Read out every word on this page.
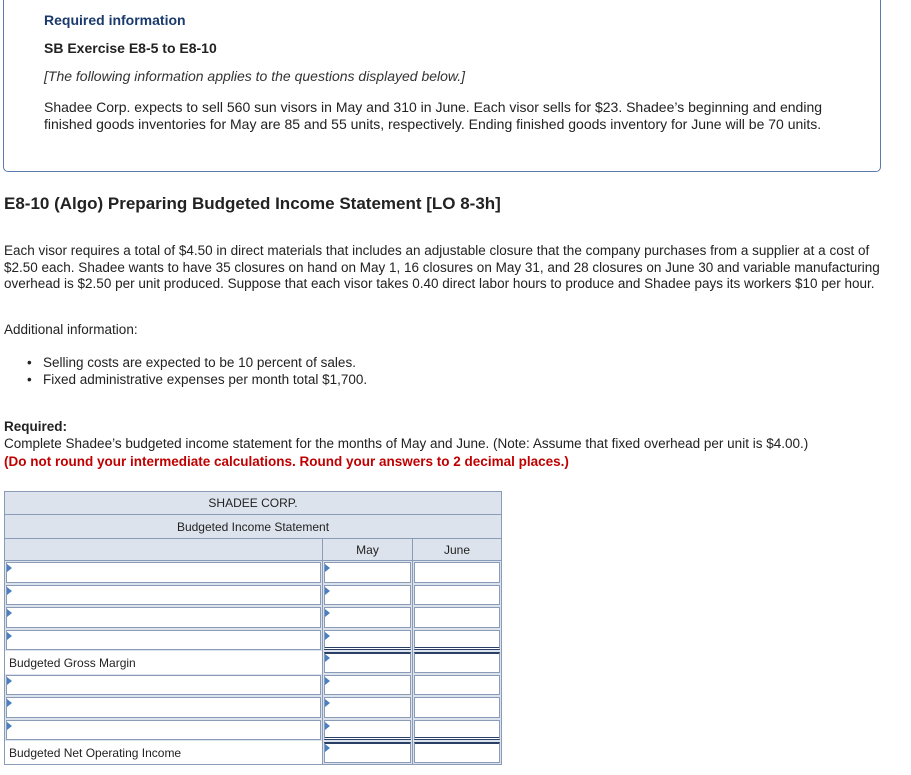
Required information
SB Exercise E8-5 to E8-10
[The following information applies to the questions displayed below.]
Shadee Corp. expects to sell 560 sun visors in May and 310 in June. Each visor sells for $23. Shadee’s beginning and ending finished goods inventories for May are 85 and 55 units, respectively. Ending finished goods inventory for June will be 70 units.
E8-10 (Algo) Preparing Budgeted Income Statement [LO 8-3h]
Each visor requires a total of $4.50 in direct materials that includes an adjustable closure that the company purchases from a supplier at a cost of $2.50 each. Shadee wants to have 35 closures on hand on May 1, 16 closures on May 31, and 28 closures on June 30 and variable manufacturing overhead is $2.50 per unit produced. Suppose that each visor takes 0.40 direct labor hours to produce and Shadee pays its workers $10 per hour.
Additional information:
• Selling costs are expected to be 10 percent of sales.
• Fixed administrative expenses per month total $1,700.
Required:
Complete Shadee’s budgeted income statement for the months of May and June. (Note: Assume that fixed overhead per unit is $4.00.)
(Do not round your intermediate calculations. Round your answers to 2 decimal places.)
SHADEE CORP.
Budgeted Income Statement
May	June
Budgeted Gross Margin
Budgeted Net Operating Income
